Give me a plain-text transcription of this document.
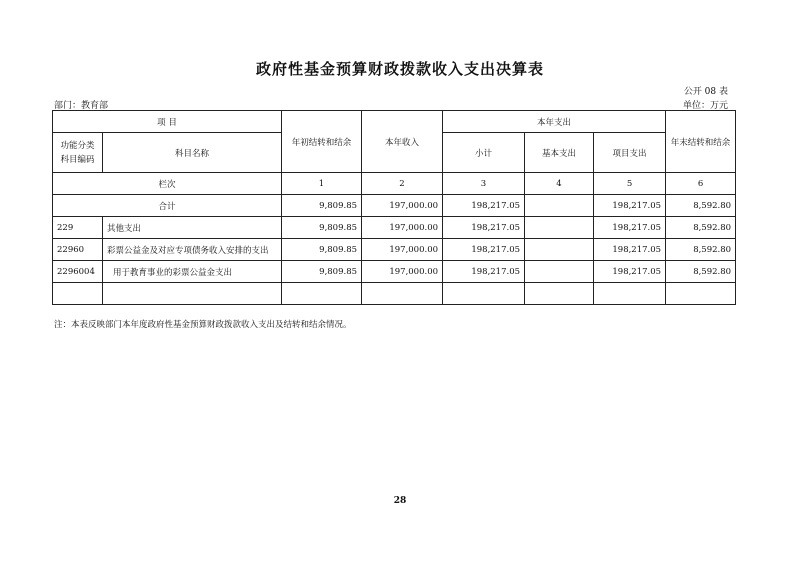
政府性基金预算财政拨款收入支出决算表
公开 08 表
部门：教育部	单位：万元
项 目		年初结转和结余	本年收入	本年支出			年末结转和结余
功能分类
科目编码	科目名称			小计	基本支出	项目支出	

栏次		1	2	3	4	5	6
合计		9,809.85	197,000.00	198,217.05		198,217.05	8,592.80
229	其他支出	9,809.85	197,000.00	198,217.05		198,217.05	8,592.80
22960	彩票公益金及对应专项债务收入安排的支出	9,809.85	197,000.00	198,217.05		198,217.05	8,592.80
2296004	用于教育事业的彩票公益金支出	9,809.85	197,000.00	198,217.05		198,217.05	8,592.80

注：本表反映部门本年度政府性基金预算财政拨款收入支出及结转和结余情况。
28
